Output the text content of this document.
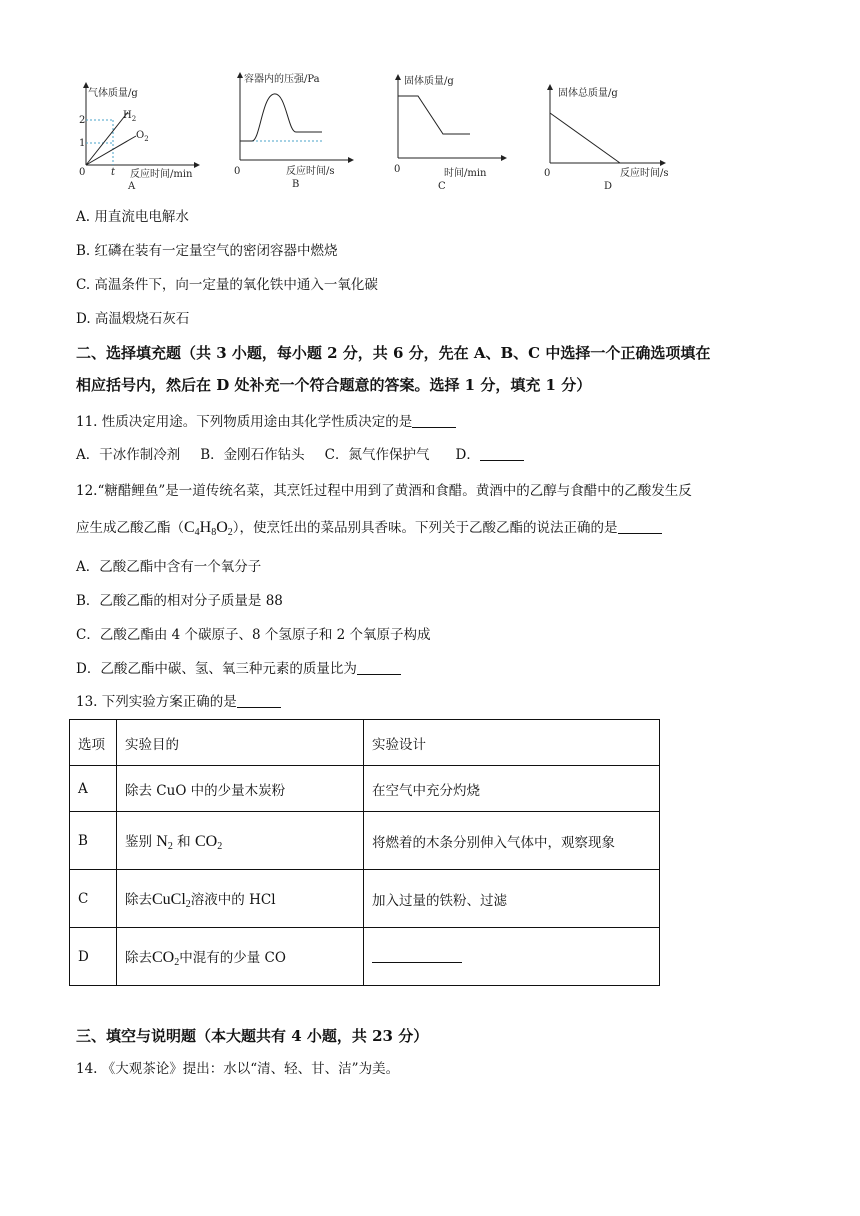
气体质量/g
2
1
0	t
$H_2$
$O_2$
反应时间/min
A
容器内的压强/Pa
0	反应时间/s
B
固体质量/g
0	时间/min
C
固体总质量/g
0	反应时间/s
D
A. 用直流电电解水
B. 红磷在装有一定量空气的密闭容器中燃烧
C. 高温条件下，向一定量的氧化铁中通入一氧化碳
D. 高温煅烧石灰石
二、选择填充题（共 3 小题，每小题 2 分，共 6 分，先在 A、B、C 中选择一个正确选项填在
相应括号内，然后在 D 处补充一个符合题意的答案。选择 1 分，填充 1 分）
11. 性质决定用途。下列物质用途由其化学性质决定的是
A．干冰作制冷剂 B．金刚石作钻头 C．氮气作保护气 D．
12.“糖醋鲤鱼”是一道传统名菜，其烹饪过程中用到了黄酒和食醋。黄酒中的乙醇与食醋中的乙酸发生反
应生成乙酸乙酯$(C_4H_8O_2)$，使烹饪出的菜品别具香味。下列关于乙酸乙酯的说法正确的是
A．乙酸乙酯中含有一个氧分子
B．乙酸乙酯的相对分子质量是 88
C．乙酸乙酯由 4 个碳原子、8 个氢原子和 2 个氧原子构成
D．乙酸乙酯中碳、氢、氧三种元素的质量比为
13. 下列实验方案正确的是
选项	实验目的	实验设计
A	除去 CuO 中的少量木炭粉	在空气中充分灼烧
B	鉴别 $N_2$ 和 $CO_2$	将燃着的木条分别伸入气体中，观察现象
C	除去CuCl$_2$溶液中的 HCl	加入过量的铁粉、过滤
D	除去$CO_2$中混有的少量 CO	
三、填空与说明题（本大题共有 4 小题，共 23 分）
14. 《大观茶论》提出：水以“清、轻、甘、洁”为美。
